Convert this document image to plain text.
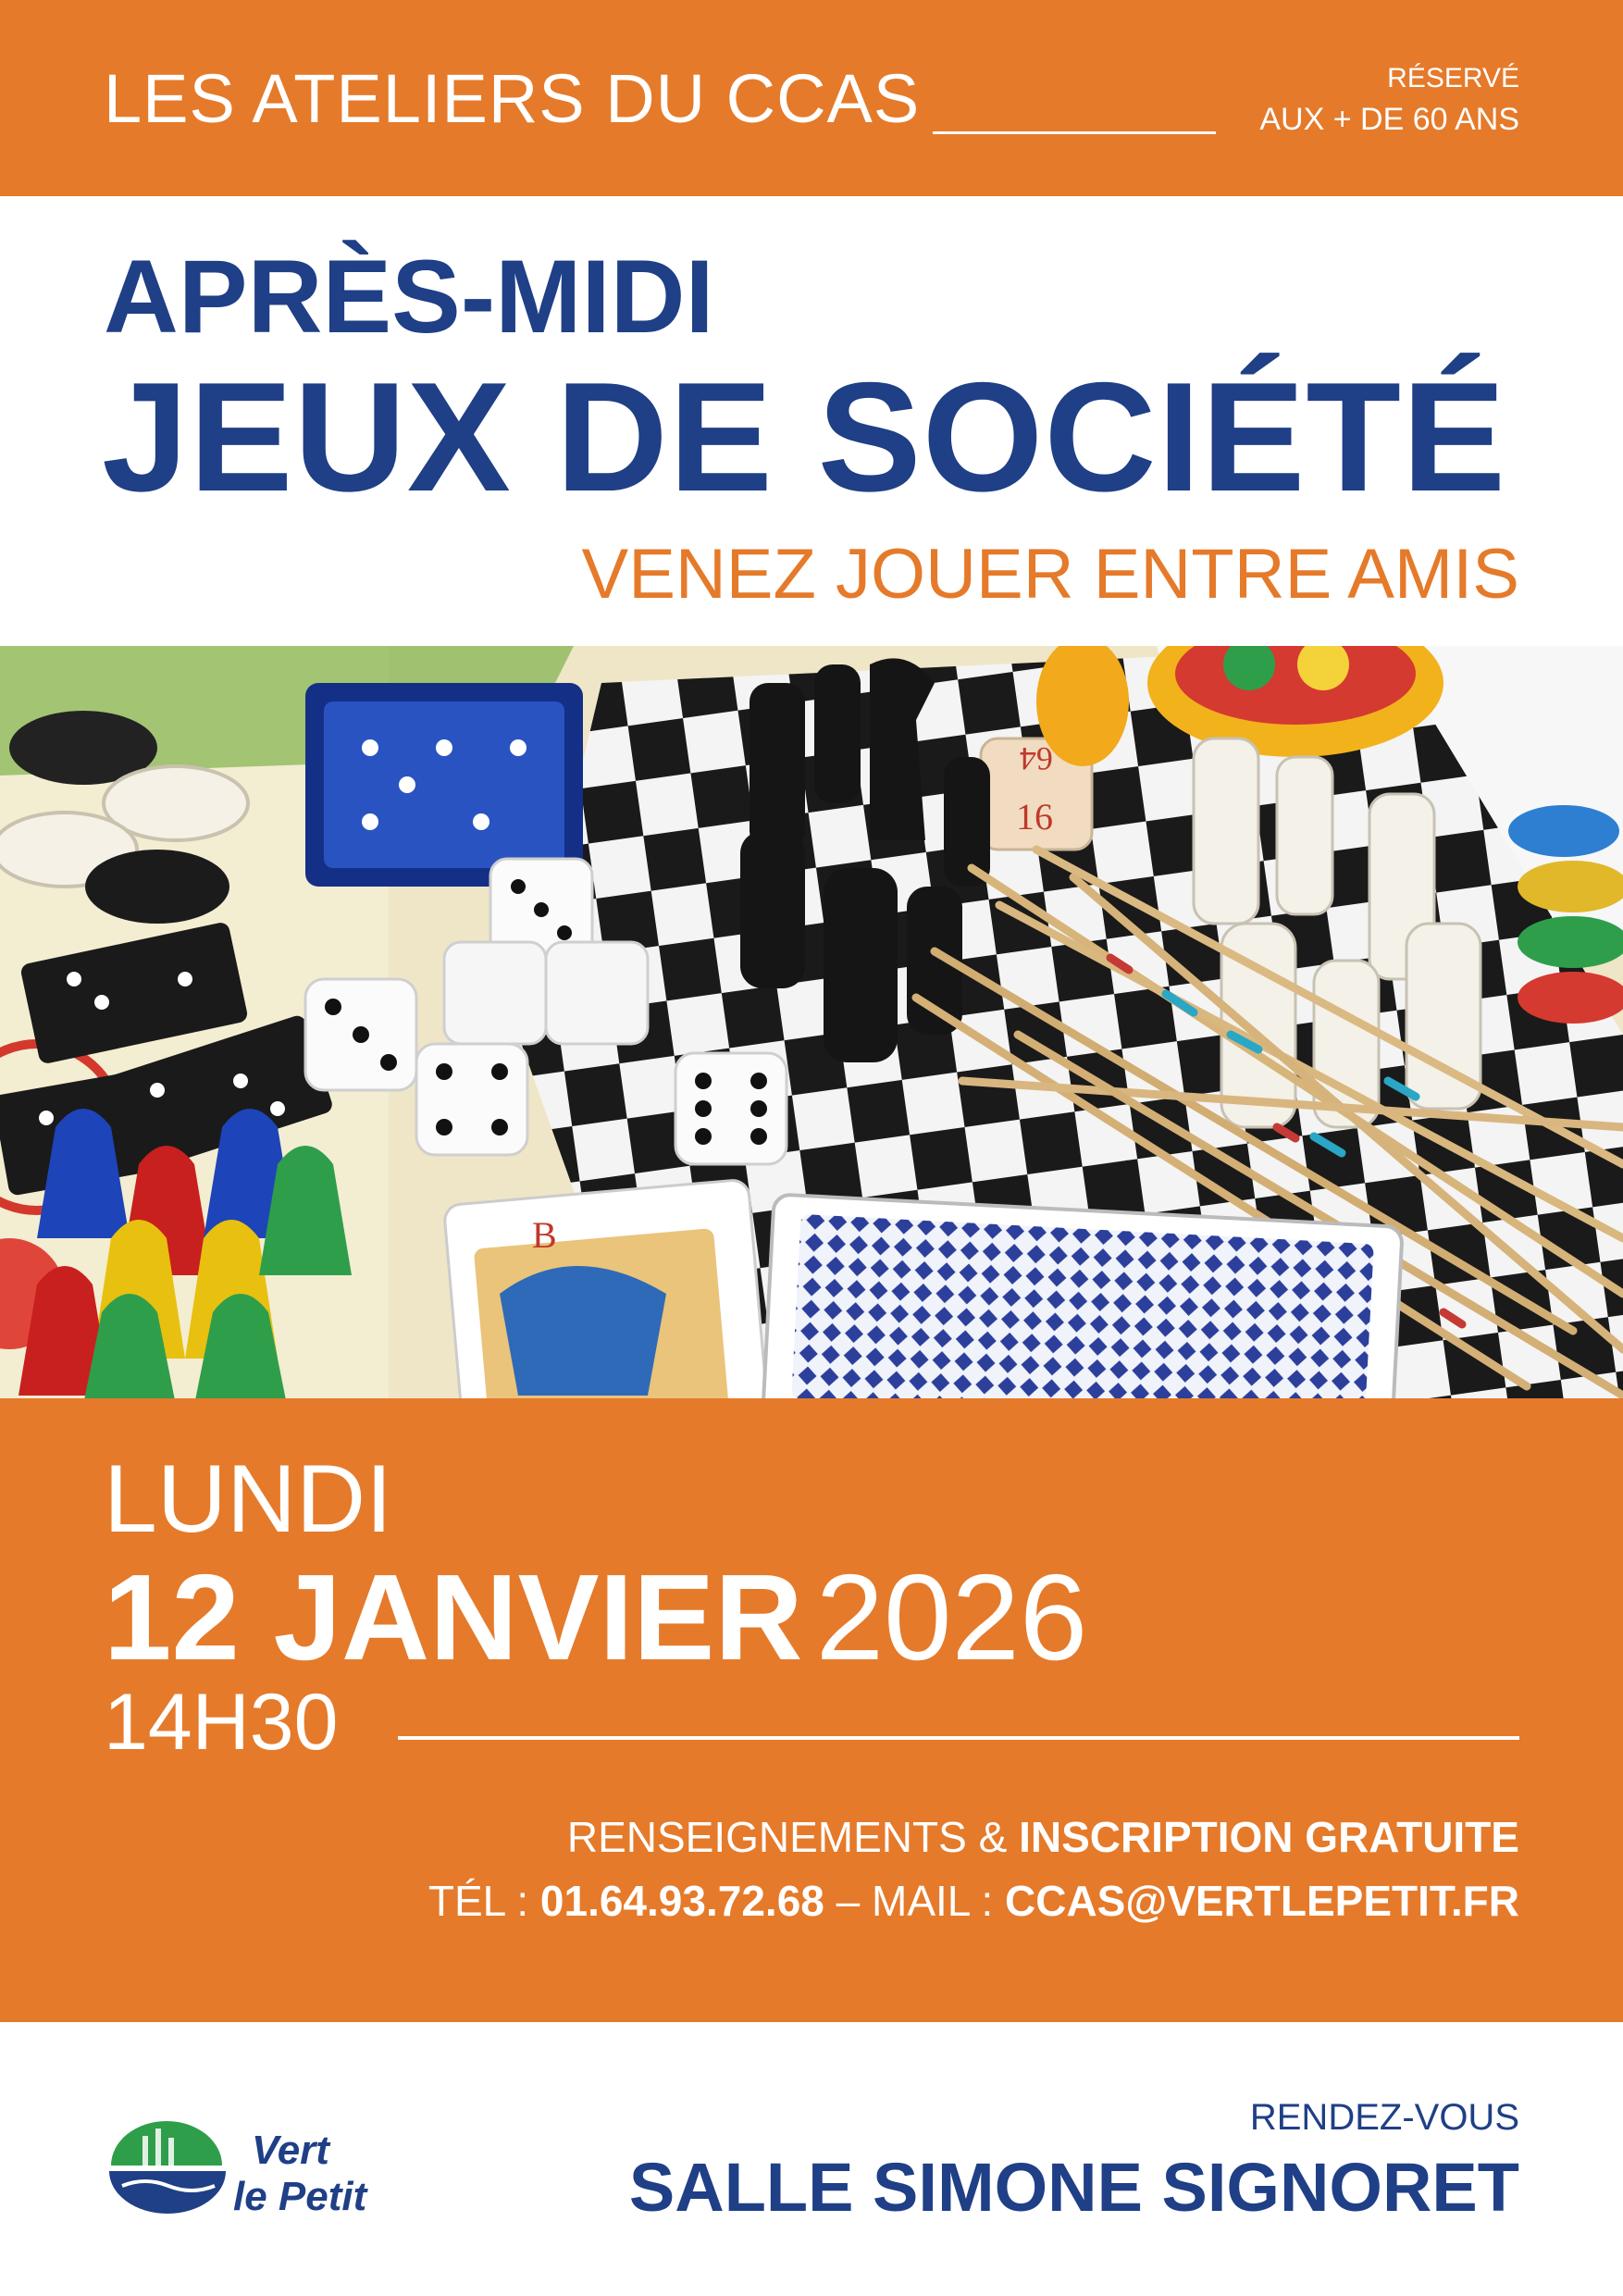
LES ATELIERS DU CCAS	RÉSERVÉ
AUX + DE 60 ANS
APRÈS-MIDI
JEUX DE SOCIÉTÉ
VENEZ JOUER ENTRE AMIS
64
16
B
LUNDI
12 JANVIER 2026
14H30
RENSEIGNEMENTS & INSCRIPTION GRATUITE
TÉL : 01.64.93.72.68 – MAIL : CCAS@VERTLEPETIT.FR
Vert
le Petit
RENDEZ-VOUS
SALLE SIMONE SIGNORET
